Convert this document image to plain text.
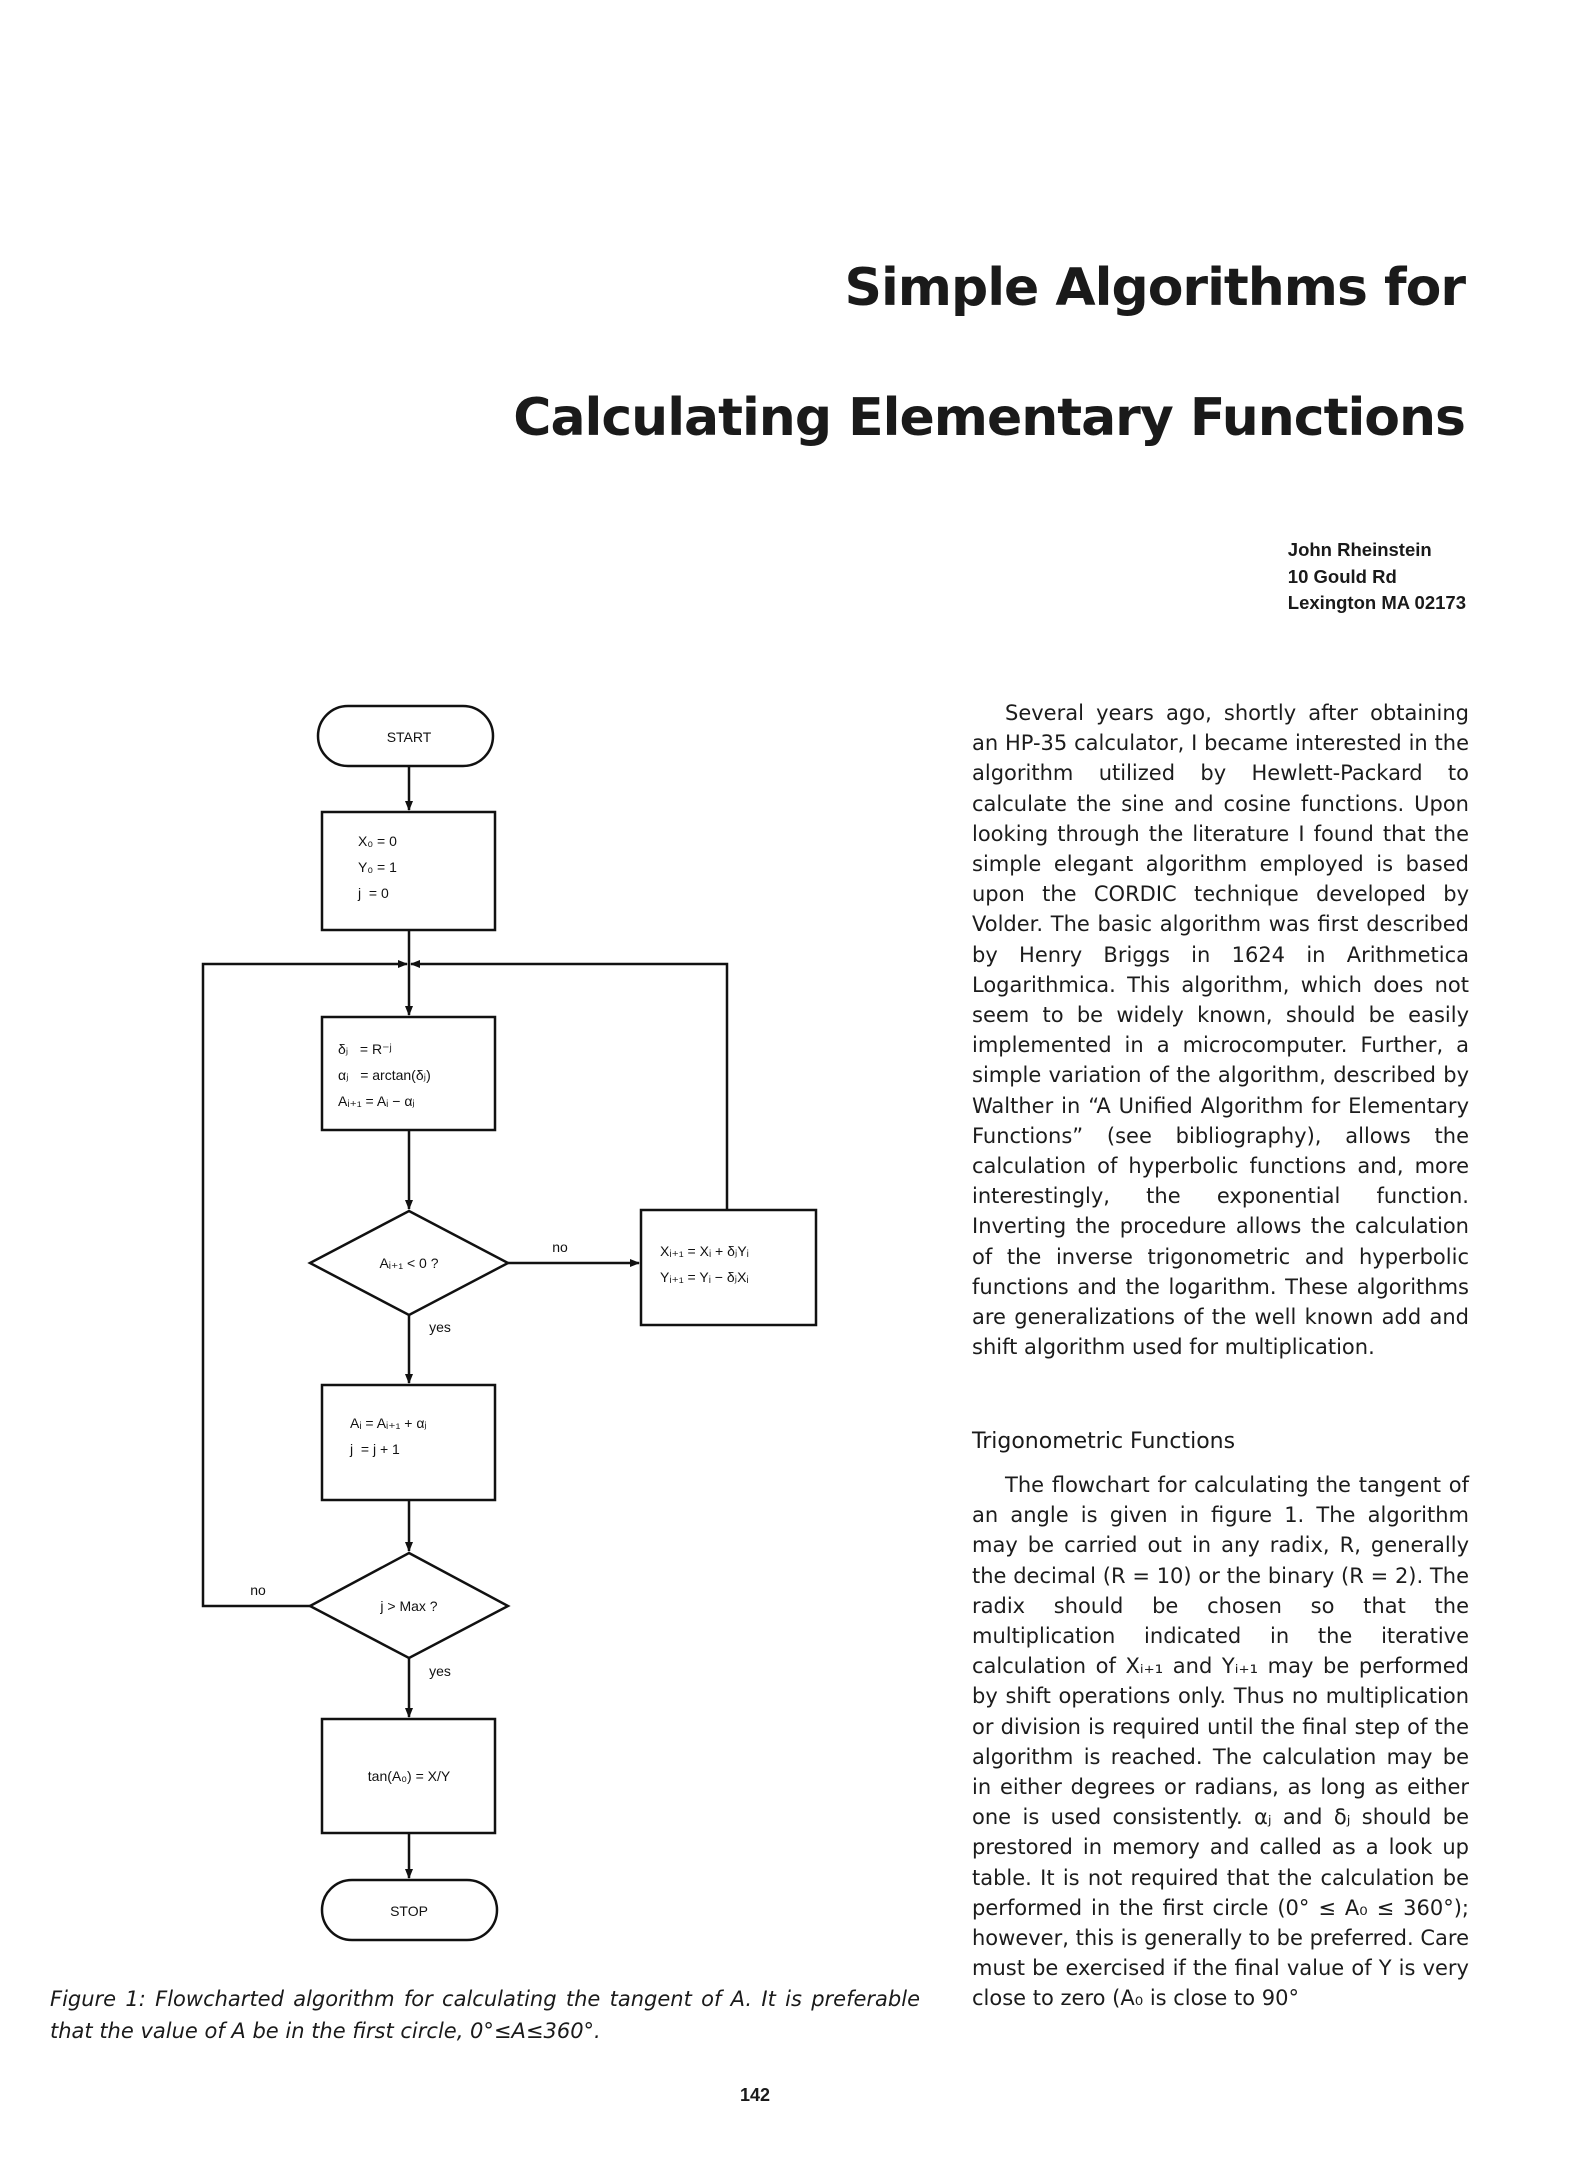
Simple Algorithms for
Calculating Elementary Functions
John Rheinstein
10 Gould Rd
Lexington MA 02173

Several years ago, shortly after obtaining an HP-35 calculator, I became interested in the algorithm utilized by Hewlett-Packard to calculate the sine and cosine functions. Upon looking through the literature I found that the simple elegant algorithm employed is based upon the CORDIC technique developed by Volder. The basic algorithm was first described by Henry Briggs in 1624 in Arithmetica Logarithmica. This algorithm, which does not seem to be widely known, should be easily implemented in a microcomputer. Further, a simple variation of the algorithm, described by Walther in “A Unified Algorithm for Elementary Functions” (see bibliography), allows the calculation of hyperbolic functions and, more interestingly, the exponential function. Inverting the procedure allows the calculation of the inverse trigonometric and hyperbolic functions and the logarithm. These algorithms are generalizations of the well known add and shift algorithm used for multiplication.

Trigonometric Functions

The flowchart for calculating the tangent of an angle is given in figure 1. The algorithm may be carried out in any radix, R, generally the decimal (R = 10) or the binary (R = 2). The radix should be chosen so that the multiplication indicated in the iterative calculation of Xᵢ₊₁ and Yᵢ₊₁ may be performed by shift operations only. Thus no multiplication or division is required until the final step of the algorithm is reached. The calculation may be in either degrees or radians, as long as either one is used consistently. αⱼ and δⱼ should be prestored in memory and called as a look up table. It is not required that the calculation be performed in the first circle (0° ≤ A₀ ≤ 360°); however, this is generally to be preferred. Care must be exercised if the final value of Y is very close to zero (A₀ is close to 90°

START
X₀ = 0
Y₀ = 1
j  = 0
δⱼ   = R⁻ʲ
αⱼ   = arctan(δⱼ)
Aᵢ₊₁ = Aᵢ − αⱼ
Aᵢ₊₁ < 0 ?
no
yes
Xᵢ₊₁ = Xᵢ + δⱼYᵢ
Yᵢ₊₁ = Yᵢ − δⱼXᵢ
Aᵢ = Aᵢ₊₁ + αⱼ
j  = j + 1
j > Max ?
no
yes
tan(A₀) = X/Y
STOP

Figure 1: Flowcharted algorithm for calculating the tangent of A. It is preferable that the value of A be in the first circle, 0°≤A≤360°.

142
